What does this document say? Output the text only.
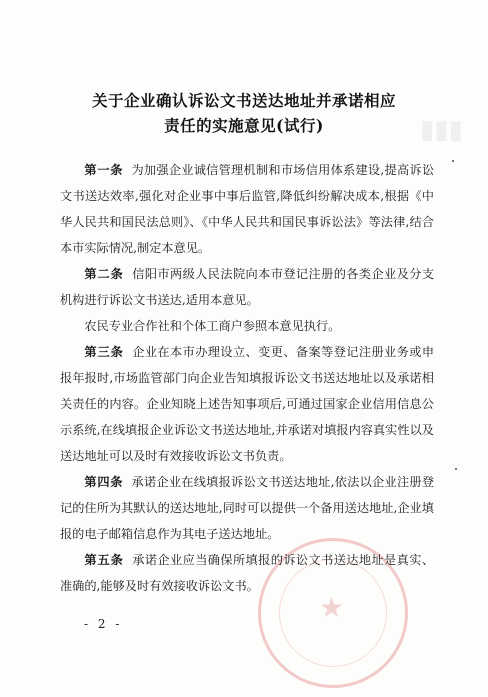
▮▮▮
★
关于企业确认诉讼文书送达地址并承诺相应
责任的实施意见(试行)

第一条 为加强企业诚信管理机制和市场信用体系建设,提高诉讼文书送达效率,强化对企业事中事后监管,降低纠纷解决成本,根据《中华人民共和国民法总则》、《中华人民共和国民事诉讼法》等法律,结合本市实际情况,制定本意见。

第二条 信阳市两级人民法院向本市登记注册的各类企业及分支机构进行诉讼文书送达,适用本意见。

农民专业合作社和个体工商户参照本意见执行。

第三条 企业在本市办理设立、变更、备案等登记注册业务或申报年报时,市场监管部门向企业告知填报诉讼文书送达地址以及承诺相关责任的内容。企业知晓上述告知事项后,可通过国家企业信用信息公示系统,在线填报企业诉讼文书送达地址,并承诺对填报内容真实性以及送达地址可以及时有效接收诉讼文书负责。

第四条 承诺企业在线填报诉讼文书送达地址,依法以企业注册登记的住所为其默认的送达地址,同时可以提供一个备用送达地址,企业填报的电子邮箱信息作为其电子送达地址。

第五条 承诺企业应当确保所填报的诉讼文书送达地址是真实、准确的,能够及时有效接收诉讼文书。

- 2 -
